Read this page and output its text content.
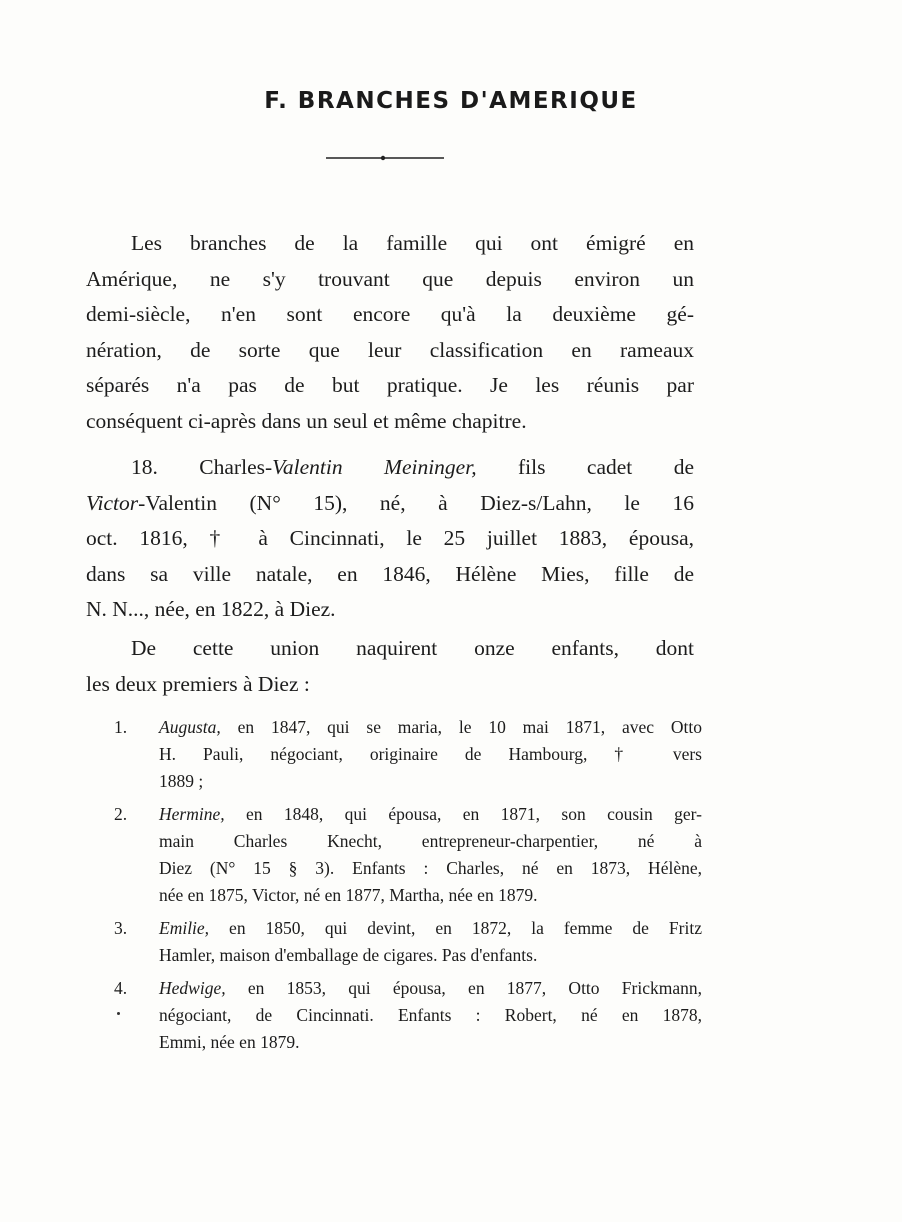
F. BRANCHES D'AMERIQUE
Les branches de la famille qui ont émigré en
Amérique, ne s'y trouvant que depuis environ un
demi-siècle, n'en sont encore qu'à la deuxième gé-
nération, de sorte que leur classification en rameaux
séparés n'a pas de but pratique. Je les réunis par
conséquent ci-après dans un seul et même chapitre.
18. Charles-Valentin Meininger, fils cadet de
Victor-Valentin (N° 15), né, à Diez-s/Lahn, le 16
oct. 1816, † à Cincinnati, le 25 juillet 1883, épousa,
dans sa ville natale, en 1846, Hélène Mies, fille de
N. N..., née, en 1822, à Diez.
De cette union naquirent onze enfants, dont
les deux premiers à Diez :
1. Augusta, en 1847, qui se maria, le 10 mai 1871, avec Otto
H. Pauli, négociant, originaire de Hambourg, † vers
1889 ;
2. Hermine, en 1848, qui épousa, en 1871, son cousin ger-
main Charles Knecht, entrepreneur-charpentier, né à
Diez (N° 15 § 3). Enfants : Charles, né en 1873, Hélène,
née en 1875, Victor, né en 1877, Martha, née en 1879.
3. Emilie, en 1850, qui devint, en 1872, la femme de Fritz
Hamler, maison d'emballage de cigares. Pas d'enfants.
4. Hedwige, en 1853, qui épousa, en 1877, Otto Frickmann,
négociant, de Cincinnati. Enfants : Robert, né en 1878,
Emmi, née en 1879.
